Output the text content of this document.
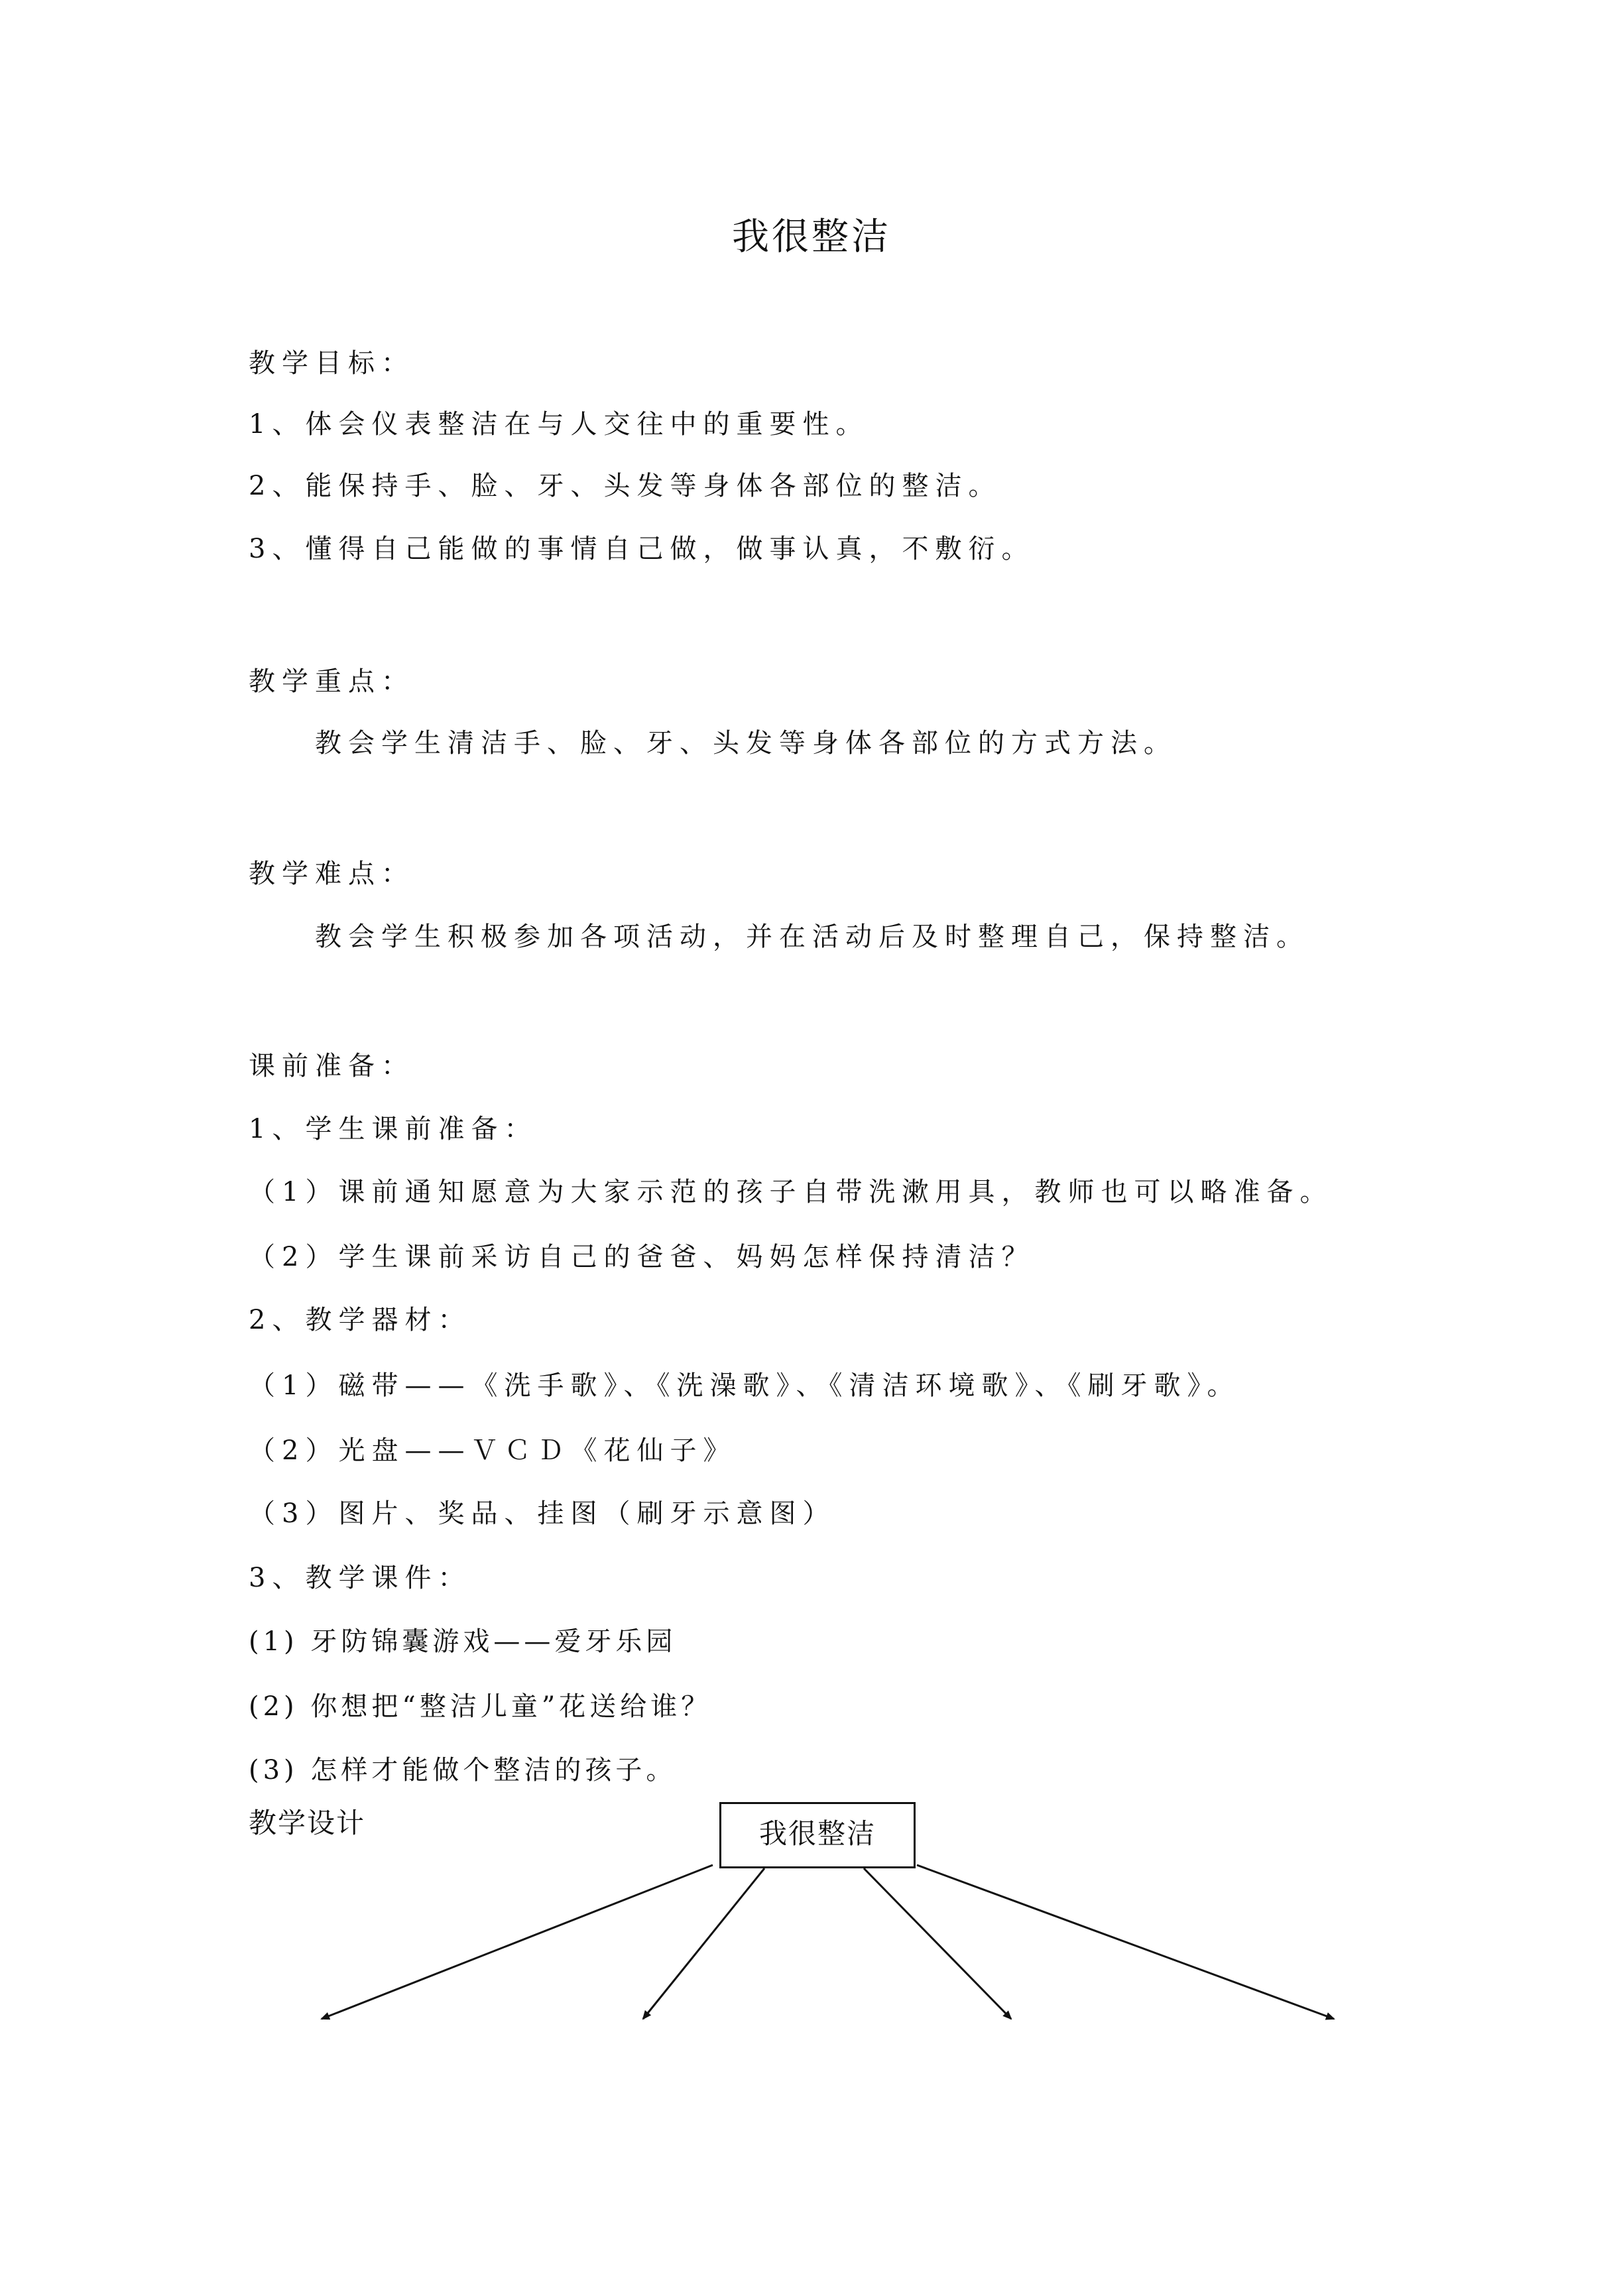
我很整洁
教学目标：
1、体会仪表整洁在与人交往中的重要性。
2、能保持手、脸、牙、头发等身体各部位的整洁。
3、懂得自己能做的事情自己做，做事认真，不敷衍。
教学重点：
教会学生清洁手、脸、牙、头发等身体各部位的方式方法。
教学难点：
教会学生积极参加各项活动，并在活动后及时整理自己，保持整洁。
课前准备：
1、学生课前准备：
（1）课前通知愿意为大家示范的孩子自带洗漱用具，教师也可以略准备。
（2）学生课前采访自己的爸爸、妈妈怎样保持清洁？
2、教学器材：
（1）磁带——《洗手歌》、《洗澡歌》、《清洁环境歌》、《刷牙歌》。
（2）光盘——ＶＣＤ《花仙子》
（3）图片、奖品、挂图（刷牙示意图）
3、教学课件：
(1) 牙防锦囊游戏——爱牙乐园
(2) 你想把“整洁儿童”花送给谁？
(3) 怎样才能做个整洁的孩子。
教学设计	我很整洁
